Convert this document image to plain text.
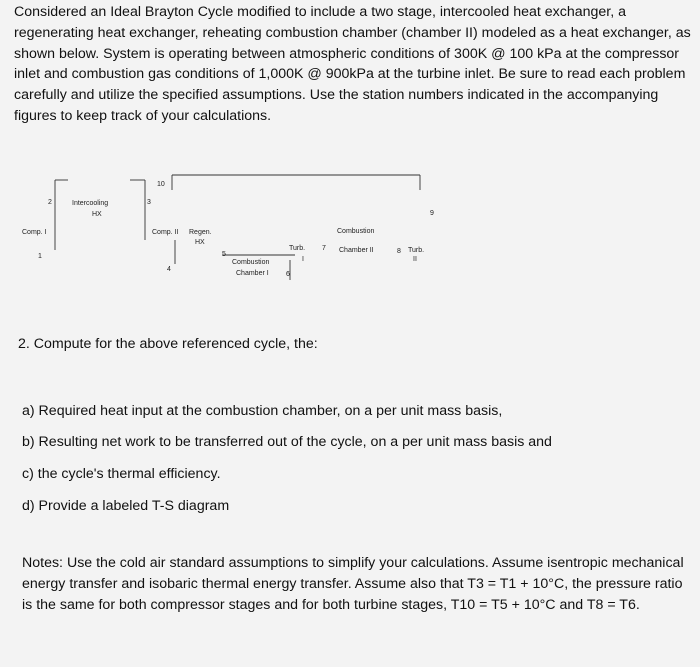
Considered an Ideal Brayton Cycle modified to include a two stage, intercooled heat exchanger, a regenerating heat exchanger, reheating combustion chamber (chamber II) modeled as a heat exchanger, as shown below. System is operating between atmospheric conditions of 300K @ 100 kPa at the compressor inlet and combustion gas conditions of 1,000K @ 900kPa at the turbine inlet. Be sure to read each problem carefully and utilize the specified assumptions. Use the station numbers indicated in the accompanying figures to keep track of your calculations.

Comp. I
Intercooling
HX
Comp. II Regen.
HX
Combustion
Chamber I
Turb.
I
Combustion
Chamber II	Turb.
II
1
2	3
4
5
6
7	8
9
10

2. Compute for the above referenced cycle, the:

a) Required heat input at the combustion chamber, on a per unit mass basis,

b) Resulting net work to be transferred out of the cycle, on a per unit mass basis and

c) the cycle's thermal efficiency.

d) Provide a labeled T-S diagram

Notes: Use the cold air standard assumptions to simplify your calculations. Assume isentropic mechanical energy transfer and isobaric thermal energy transfer. Assume also that T3 = T1 + 10°C, the pressure ratio is the same for both compressor stages and for both turbine stages, T10 = T5 + 10°C and T8 = T6.
